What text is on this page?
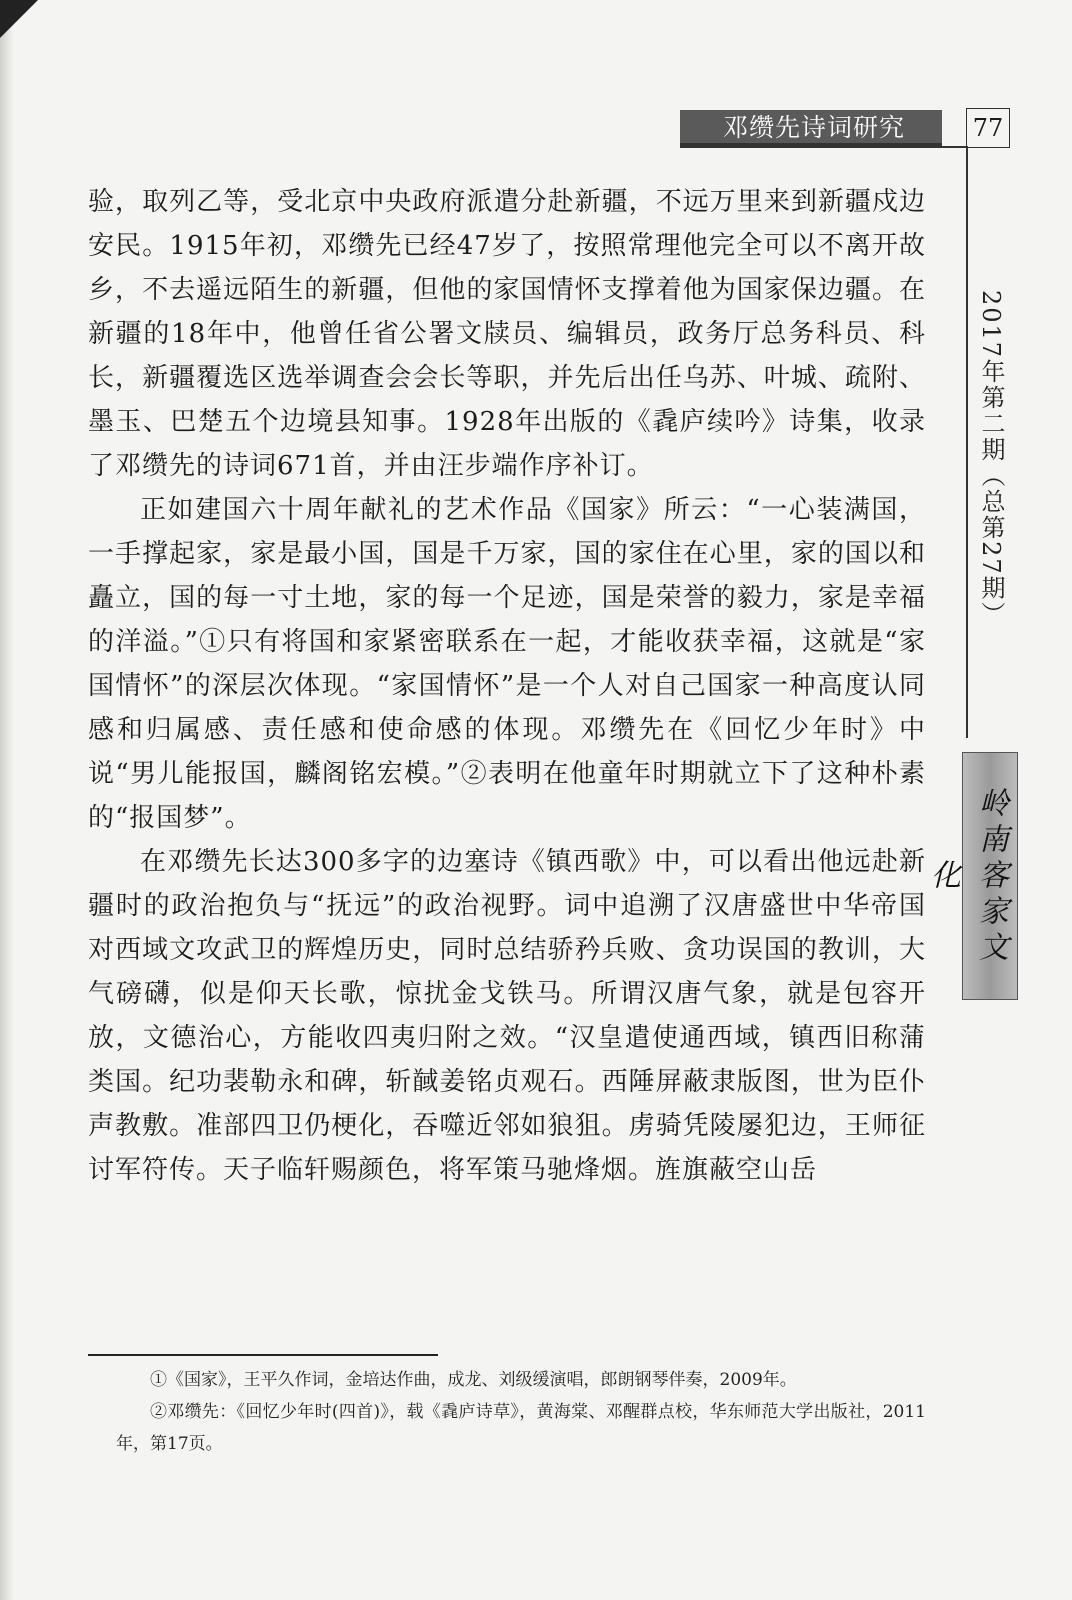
邓缵先诗词研究	77
2017年第二期（总第27期）
岭南客家文化

验，取列乙等，受北京中央政府派遣分赴新疆，不远万里来到新疆戍边安民。1915年初，邓缵先已经47岁了，按照常理他完全可以不离开故乡，不去遥远陌生的新疆，但他的家国情怀支撑着他为国家保边疆。在新疆的18年中，他曾任省公署文牍员、编辑员，政务厅总务科员、科长，新疆覆选区选举调查会会长等职，并先后出任乌苏、叶城、疏附、墨玉、巴楚五个边境县知事。1928年出版的《毳庐续吟》诗集，收录了邓缵先的诗词671首，并由汪步端作序补订。

正如建国六十周年献礼的艺术作品《国家》所云：“一心装满国，一手撑起家，家是最小国，国是千万家，国的家住在心里，家的国以和矗立，国的每一寸土地，家的每一个足迹，国是荣誉的毅力，家是幸福的洋溢。”①只有将国和家紧密联系在一起，才能收获幸福，这就是“家国情怀”的深层次体现。“家国情怀”是一个人对自己国家一种高度认同感和归属感、责任感和使命感的体现。邓缵先在《回忆少年时》中说“男儿能报国，麟阁铭宏模。”②表明在他童年时期就立下了这种朴素的“报国梦”。

在邓缵先长达300多字的边塞诗《镇西歌》中，可以看出他远赴新疆时的政治抱负与“抚远”的政治视野。词中追溯了汉唐盛世中华帝国对西域文攻武卫的辉煌历史，同时总结骄矜兵败、贪功误国的教训，大气磅礴，似是仰天长歌，惊扰金戈铁马。所谓汉唐气象，就是包容开放，文德治心，方能收四夷归附之效。“汉皇遣使通西域，镇西旧称蒲类国。纪功裴勒永和碑，斩馘姜铭贞观石。西陲屏蔽隶版图，世为臣仆声教敷。准部四卫仍梗化，吞噬近邻如狼狙。虏骑凭陵屡犯边，王师征讨军符传。天子临轩赐颜色，将军策马驰烽烟。旌旗蔽空山岳

①《国家》，王平久作词，金培达作曲，成龙、刘级缓演唱，郎朗钢琴伴奏，2009年。

②邓缵先：《回忆少年时(四首)》，载《毳庐诗草》，黄海棠、邓醒群点校，华东师范大学出版社，2011年，第17页。
